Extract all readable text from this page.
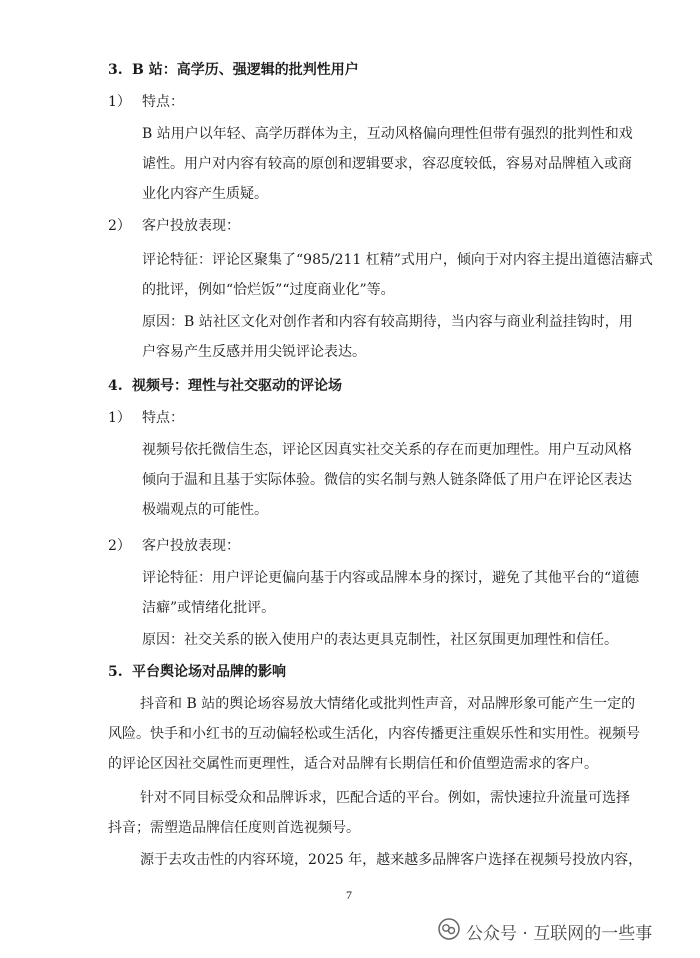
3. B 站：高学历、强逻辑的批判性用户
1） 特点：
B 站用户以年轻、高学历群体为主，互动风格偏向理性但带有强烈的批判性和戏
谑性。用户对内容有较高的原创和逻辑要求，容忍度较低，容易对品牌植入或商
业化内容产生质疑。
2） 客户投放表现：
评论特征：评论区聚集了“985/211 杠精”式用户，倾向于对内容主提出道德洁癖式
的批评，例如“恰烂饭”“过度商业化”等。
原因：B 站社区文化对创作者和内容有较高期待，当内容与商业利益挂钩时，用
户容易产生反感并用尖锐评论表达。
4. 视频号：理性与社交驱动的评论场
1） 特点：
视频号依托微信生态，评论区因真实社交关系的存在而更加理性。用户互动风格
倾向于温和且基于实际体验。微信的实名制与熟人链条降低了用户在评论区表达
极端观点的可能性。
2） 客户投放表现：
评论特征：用户评论更偏向基于内容或品牌本身的探讨，避免了其他平台的“道德
洁癖”或情绪化批评。
原因：社交关系的嵌入使用户的表达更具克制性，社区氛围更加理性和信任。
5. 平台舆论场对品牌的影响
抖音和 B 站的舆论场容易放大情绪化或批判性声音，对品牌形象可能产生一定的
风险。快手和小红书的互动偏轻松或生活化，内容传播更注重娱乐性和实用性。视频号
的评论区因社交属性而更理性，适合对品牌有长期信任和价值塑造需求的客户。
针对不同目标受众和品牌诉求，匹配合适的平台。例如，需快速拉升流量可选择
抖音；需塑造品牌信任度则首选视频号。
源于去攻击性的内容环境，2025 年，越来越多品牌客户选择在视频号投放内容，
7
公众号 · 互联网的一些事
